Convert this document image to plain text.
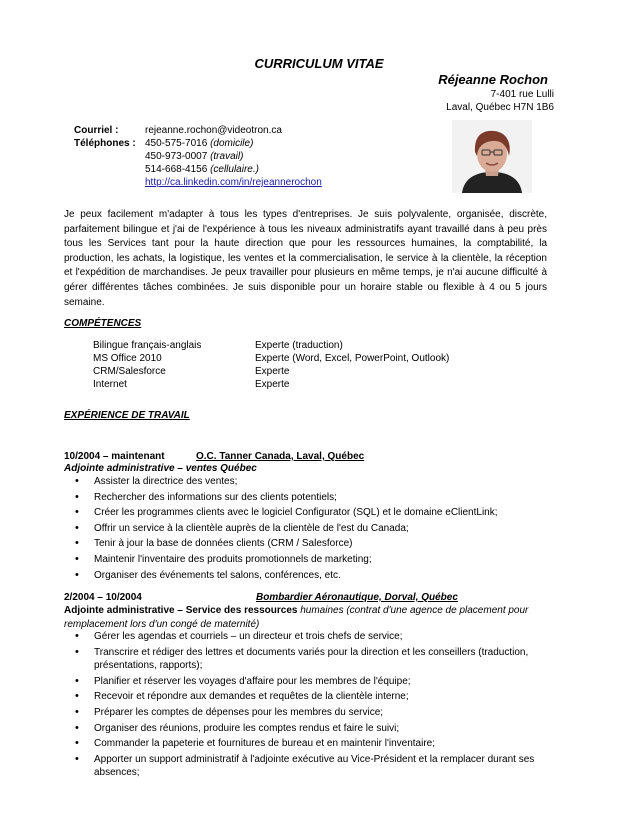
CURRICULUM VITAE
Réjeanne Rochon
7-401 rue Lulli
Laval, Québec H7N 1B6
Courriel :	rejeanne.rochon@videotron.ca
Téléphones : 450-575-7016 (domicile)
450-973-0007 (travail)
514-668-4156 (cellulaire.)
http://ca.linkedin.com/in/rejeannerochon
Je peux facilement m'adapter à tous les types d'entreprises. Je suis polyvalente, organisée, discrète, parfaitement bilingue et j'ai de l'expérience à tous les niveaux administratifs ayant travaillé dans à peu près tous les Services tant pour la haute direction que pour les ressources humaines, la comptabilité, la production, les achats, la logistique, les ventes et la commercialisation, le service à la clientèle, la réception et l'expédition de marchandises. Je peux travailler pour plusieurs en même temps, je n'ai aucune difficulté à gérer différentes tâches combinées. Je suis disponible pour un horaire stable ou flexible à 4 ou 5 jours semaine.
COMPÉTENCES
Bilingue français-anglais	Experte (traduction)
MS Office 2010	Experte (Word, Excel, PowerPoint, Outlook)
CRM/Salesforce	Experte
Internet	Experte
EXPÉRIENCE DE TRAVAIL
10/2004 – maintenant	O.C. Tanner Canada, Laval, Québec
Adjointe administrative – ventes Québec
• Assister la directrice des ventes;
• Rechercher des informations sur des clients potentiels;
• Créer les programmes clients avec le logiciel Configurator (SQL) et le domaine eClientLink;
• Offrir un service à la clientèle auprès de la clientèle de l'est du Canada;
• Tenir à jour la base de données clients (CRM / Salesforce)
• Maintenir l'inventaire des produits promotionnels de marketing;
• Organiser des événements tel salons, conférences, etc.
2/2004 – 10/2004	Bombardier Aéronautique, Dorval, Québec
Adjointe administrative – Service des ressources humaines (contrat d'une agence de placement pour remplacement lors d'un congé de maternité)
• Gérer les agendas et courriels – un directeur et trois chefs de service;
• Transcrire et rédiger des lettres et documents variés pour la direction et les conseillers (traduction, présentations, rapports);
• Planifier et réserver les voyages d'affaire pour les membres de l'équipe;
• Recevoir et répondre aux demandes et requêtes de la clientèle interne;
• Préparer les comptes de dépenses pour les membres du service;
• Organiser des réunions, produire les comptes rendus et faire le suivi;
• Commander la papeterie et fournitures de bureau et en maintenir l'inventaire;
• Apporter un support administratif à l'adjointe exécutive au Vice-Président et la remplacer durant ses absences;
